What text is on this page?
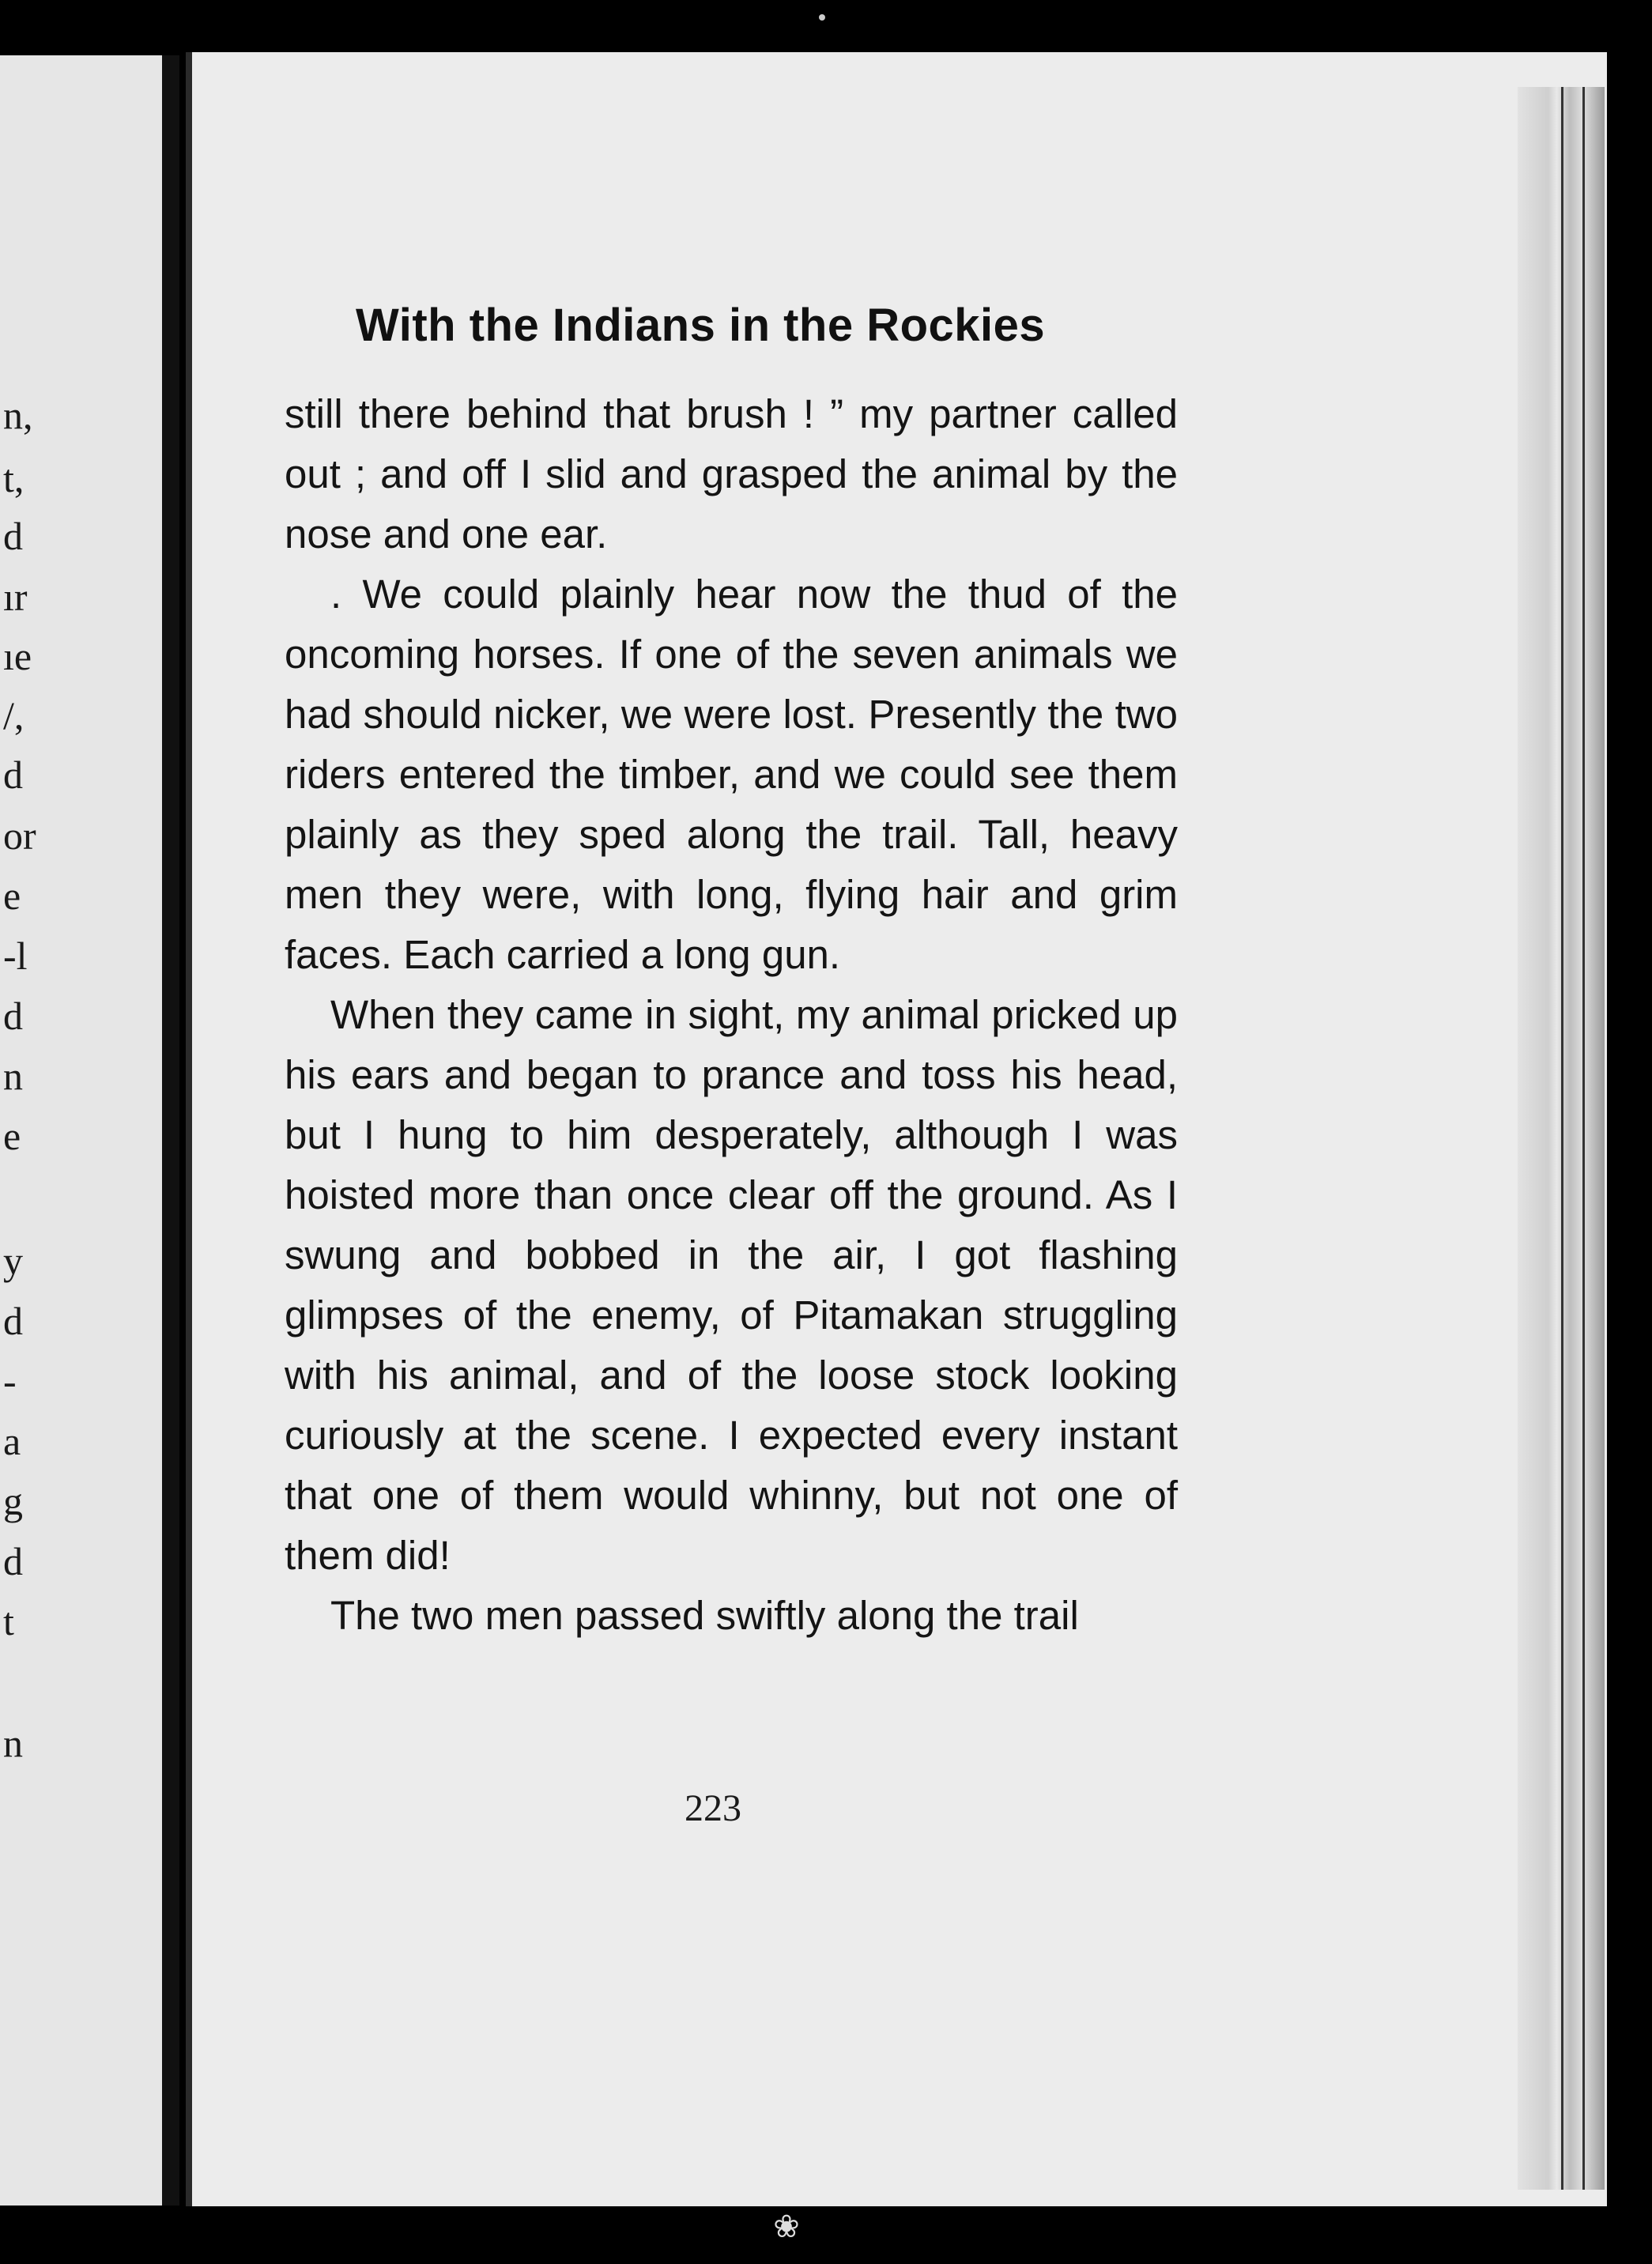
n,
t,
d
ır
ıe
/,
d
or
e
-l
d
n
e
y
d
-
a
g
d
t
n
With the Indians in the Rockies

still there behind that brush ! ” my partner called out ; and off I slid and grasped the animal by the nose and one ear.

. We could plainly hear now the thud of the oncoming horses. If one of the seven animals we had should nicker, we were lost. Presently the two riders entered the timber, and we could see them plainly as they sped along the trail. Tall, heavy men they were, with long, flying hair and grim faces. Each carried a long gun.

When they came in sight, my animal pricked up his ears and began to prance and toss his head, but I hung to him desperately, although I was hoisted more than once clear off the ground. As I swung and bobbed in the air, I got flashing glimpses of the enemy, of Pitamakan struggling with his animal, and of the loose stock looking curiously at the scene. I expected every instant that one of them would whinny, but not one of them did!

The two men passed swiftly along the trail

223
❀
